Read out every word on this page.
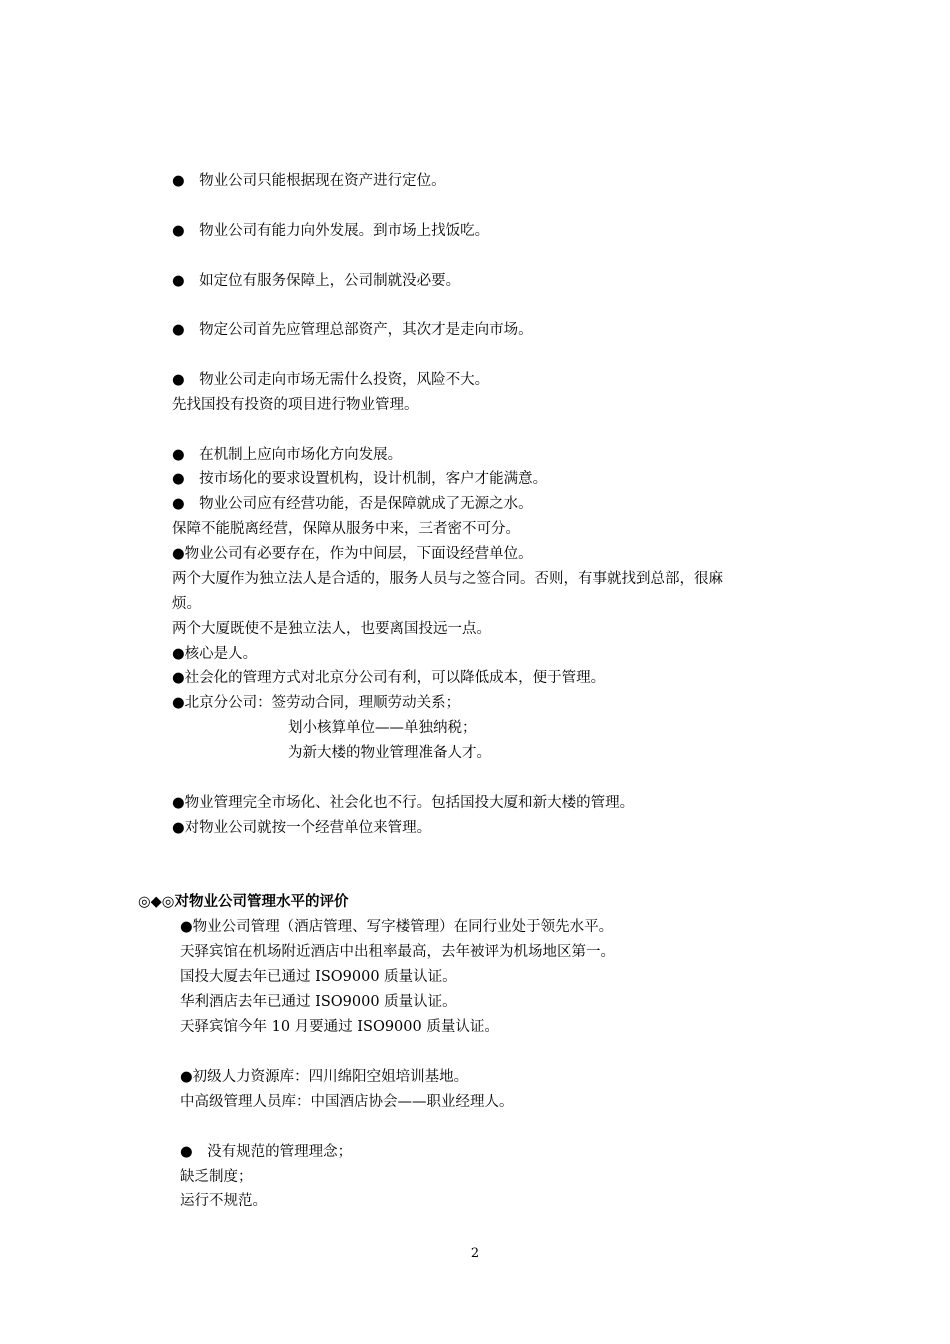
●　物业公司只能根据现在资产进行定位。
●　物业公司有能力向外发展。到市场上找饭吃。
●　如定位有服务保障上，公司制就没必要。
●　物定公司首先应管理总部资产，其次才是走向市场。
●　物业公司走向市场无需什么投资，风险不大。
先找国投有投资的项目进行物业管理。
●　在机制上应向市场化方向发展。
●　按市场化的要求设置机构，设计机制，客户才能满意。
●　物业公司应有经营功能，否是保障就成了无源之水。
保障不能脱离经营，保障从服务中来，三者密不可分。
●物业公司有必要存在，作为中间层，下面设经营单位。
两个大厦作为独立法人是合适的，服务人员与之签合同。否则，有事就找到总部，很麻
烦。
两个大厦既使不是独立法人，也要离国投远一点。
●核心是人。
●社会化的管理方式对北京分公司有利，可以降低成本，便于管理。
●北京分公司：签劳动合同，理顺劳动关系；
划小核算单位——单独纳税；
为新大楼的物业管理准备人才。
●物业管理完全市场化、社会化也不行。包括国投大厦和新大楼的管理。
●对物业公司就按一个经营单位来管理。
◎◆◎对物业公司管理水平的评价
●物业公司管理（酒店管理、写字楼管理）在同行业处于领先水平。
天驿宾馆在机场附近酒店中出租率最高，去年被评为机场地区第一。
国投大厦去年已通过 ISO9000 质量认证。
华利酒店去年已通过 ISO9000 质量认证。
天驿宾馆今年 10 月要通过 ISO9000 质量认证。
●初级人力资源库：四川绵阳空姐培训基地。
中高级管理人员库：中国酒店协会——职业经理人。
●　没有规范的管理理念；
缺乏制度；
运行不规范。
2
